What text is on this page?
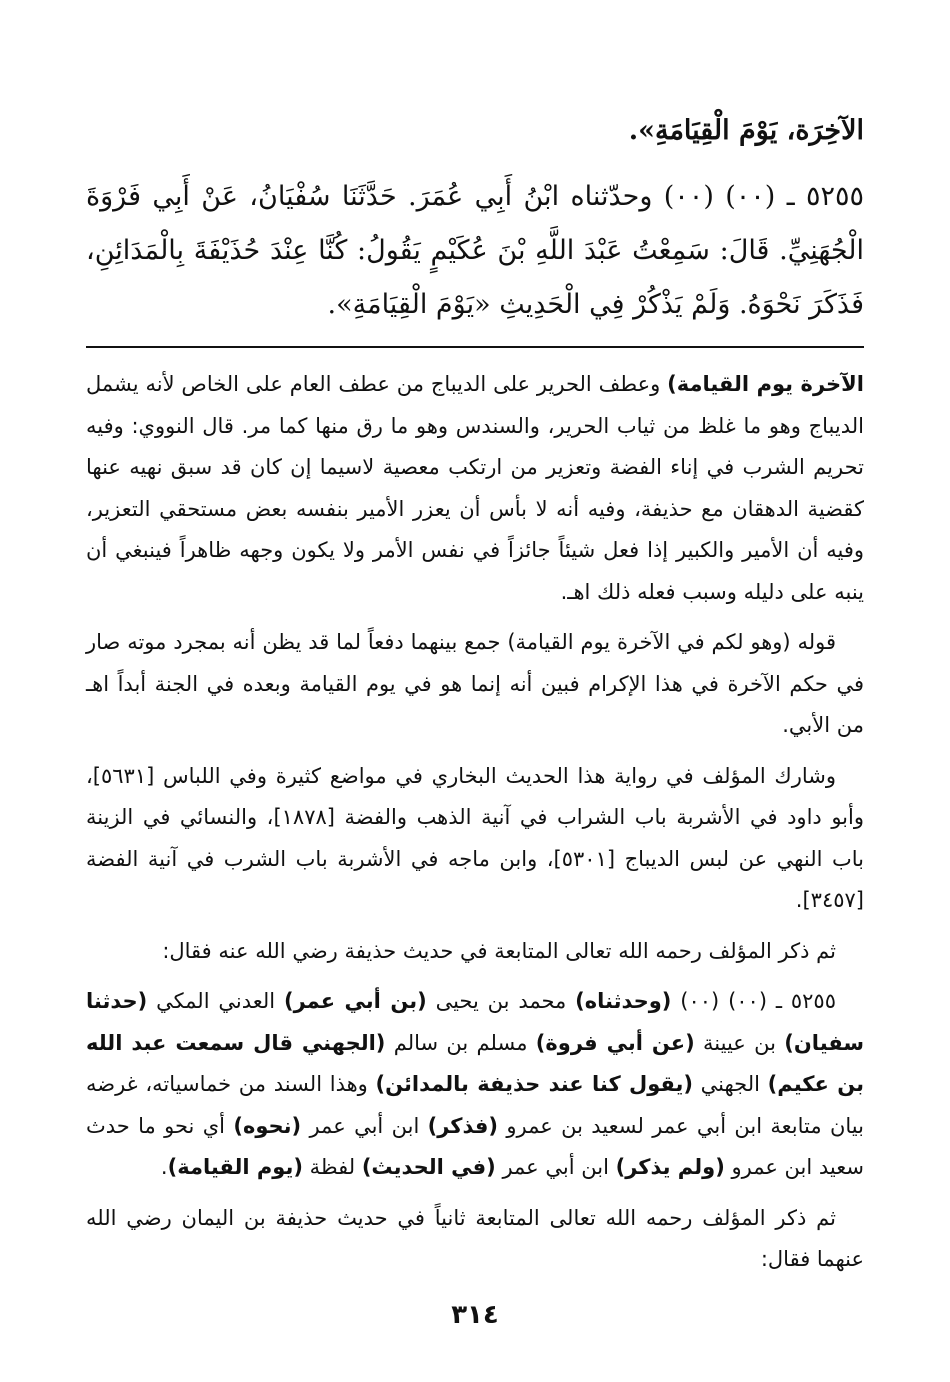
الآخِرَة، يَوْمَ الْقِيَامَةِ».

٥٢٥٥ ـ (٠٠) (٠٠) وحدّثناه ابْنُ أَبِي عُمَرَ. حَدَّثَنَا سُفْيَانُ، عَنْ أَبِي فَرْوَةَ الْجُهَنِيِّ. قَالَ: سَمِعْتُ عَبْدَ اللَّهِ بْنَ عُكَيْمٍ يَقُولُ: كُنَّا عِنْدَ حُذَيْفَةَ بِالْمَدَائِنِ، فَذَكَرَ نَحْوَهُ. وَلَمْ يَذْكُرْ فِي الْحَدِيثِ «يَوْمَ الْقِيَامَةِ».

الآخرة يوم القيامة) وعطف الحرير على الديباج من عطف العام على الخاص لأنه يشمل الديباج وهو ما غلظ من ثياب الحرير، والسندس وهو ما رق منها كما مر. قال النووي: وفيه تحريم الشرب في إناء الفضة وتعزير من ارتكب معصية لاسيما إن كان قد سبق نهيه عنها كقضية الدهقان مع حذيفة، وفيه أنه لا بأس أن يعزر الأمير بنفسه بعض مستحقي التعزير، وفيه أن الأمير والكبير إذا فعل شيئاً جائزاً في نفس الأمر ولا يكون وجهه ظاهراً فينبغي أن ينبه على دليله وسبب فعله ذلك اهـ.

قوله (وهو لكم في الآخرة يوم القيامة) جمع بينهما دفعاً لما قد يظن أنه بمجرد موته صار في حكم الآخرة في هذا الإكرام فبين أنه إنما هو في يوم القيامة وبعده في الجنة أبداً اهـ من الأبي.

وشارك المؤلف في رواية هذا الحديث البخاري في مواضع كثيرة وفي اللباس [٥٦٣١]، وأبو داود في الأشربة باب الشراب في آنية الذهب والفضة [١٨٧٨]، والنسائي في الزينة باب النهي عن لبس الديباج [٥٣٠١]، وابن ماجه في الأشربة باب الشرب في آنية الفضة [٣٤٥٧].

ثم ذكر المؤلف رحمه الله تعالى المتابعة في حديث حذيفة رضي الله عنه فقال:

٥٢٥٥ ـ (٠٠) (٠٠) (وحدثناه) محمد بن يحيى (بن أبي عمر) العدني المكي (حدثنا سفيان) بن عيينة (عن أبي فروة) مسلم بن سالم (الجهني قال سمعت عبد الله بن عكيم) الجهني (يقول كنا عند حذيفة بالمدائن) وهذا السند من خماسياته، غرضه بيان متابعة ابن أبي عمر لسعيد بن عمرو (فذكر) ابن أبي عمر (نحوه) أي نحو ما حدث سعيد ابن عمرو (ولم يذكر) ابن أبي عمر (في الحديث) لفظة (يوم القيامة).

ثم ذكر المؤلف رحمه الله تعالى المتابعة ثانياً في حديث حذيفة بن اليمان رضي الله عنهما فقال:

٣١٤
